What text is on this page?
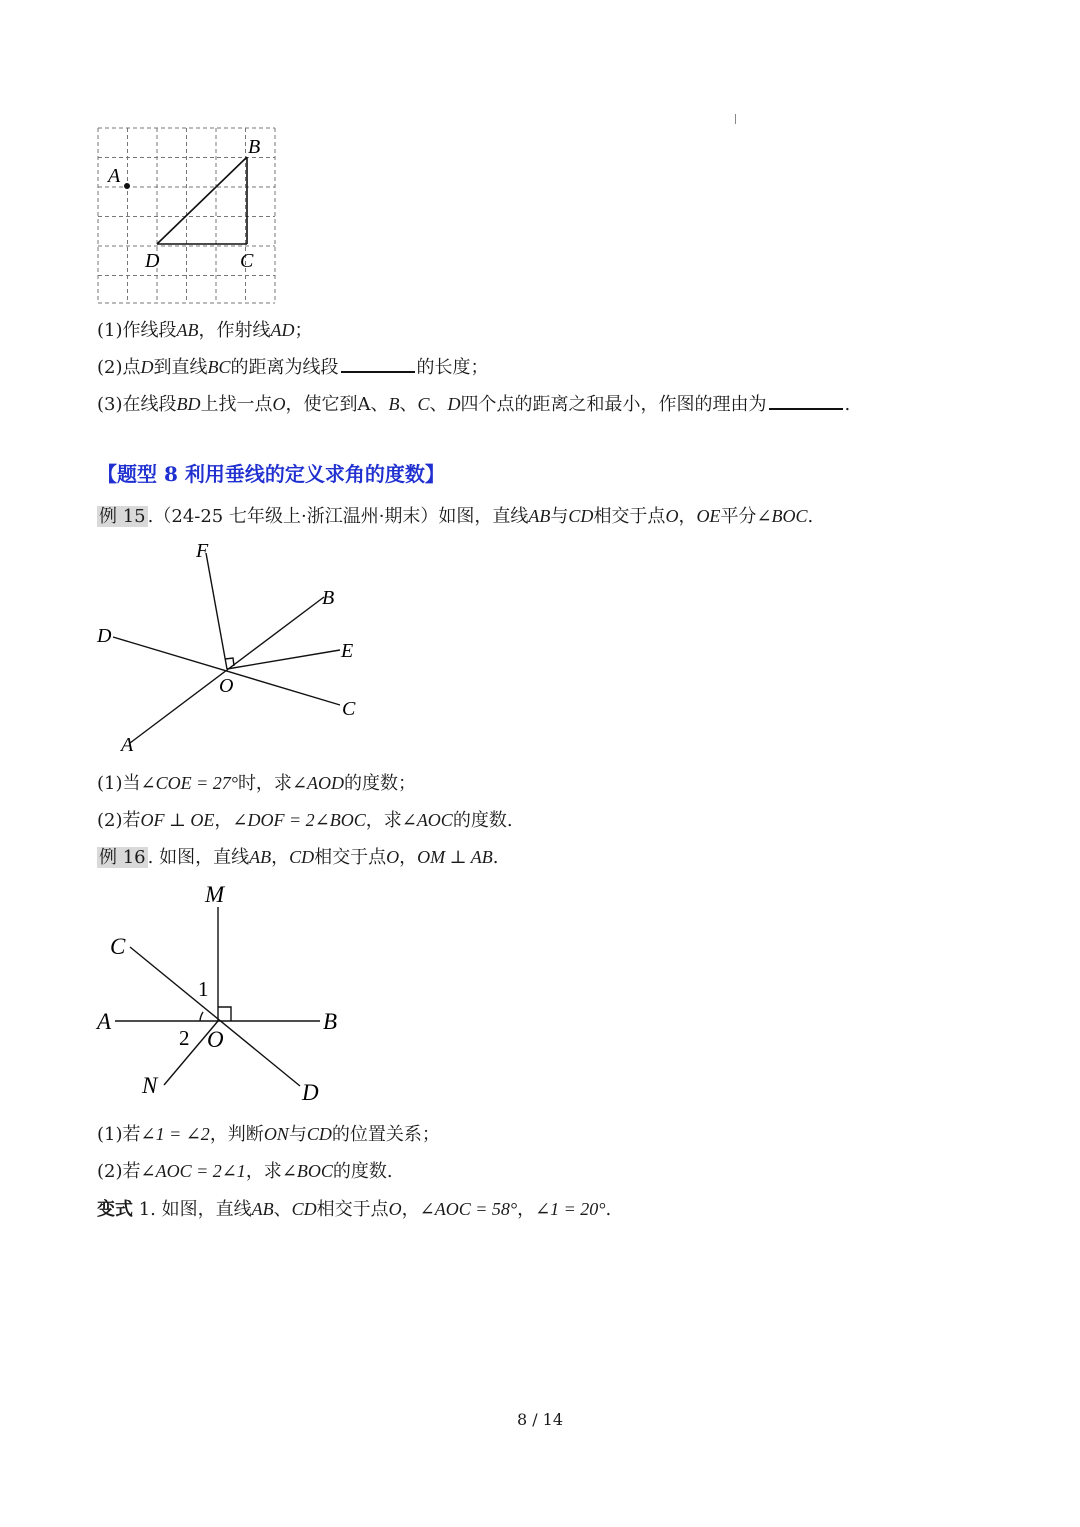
A
B
C
D
(1)作线段AB，作射线AD；
(2)点D到直线BC的距离为线段	的长度；
(3)在线段BD上找一点O，使它到A、B、C、D四个点的距离之和最小，作图的理由为	.
【题型 8 利用垂线的定义求角的度数】
例 15 .（24-25 七年级上·浙江温州·期末）如图，直线AB与CD相交于点O，OE平分∠BOC.
F
B
D
E
O
C
A
(1)当∠COE = 27°时，求∠AOD的度数；
(2)若OF ⊥ OE，∠DOF = 2∠BOC，求∠AOC的度数.
例 16 . 如图，直线AB，CD相交于点O，OM ⊥ AB.
M
C
1
A	B
2 O
N	D
(1)若∠1 = ∠2，判断ON与CD的位置关系；
(2)若∠AOC = 2∠1，求∠BOC的度数.
变式 1. 如图，直线AB、CD相交于点O，∠AOC = 58°，∠1 = 20°.
8 / 14
